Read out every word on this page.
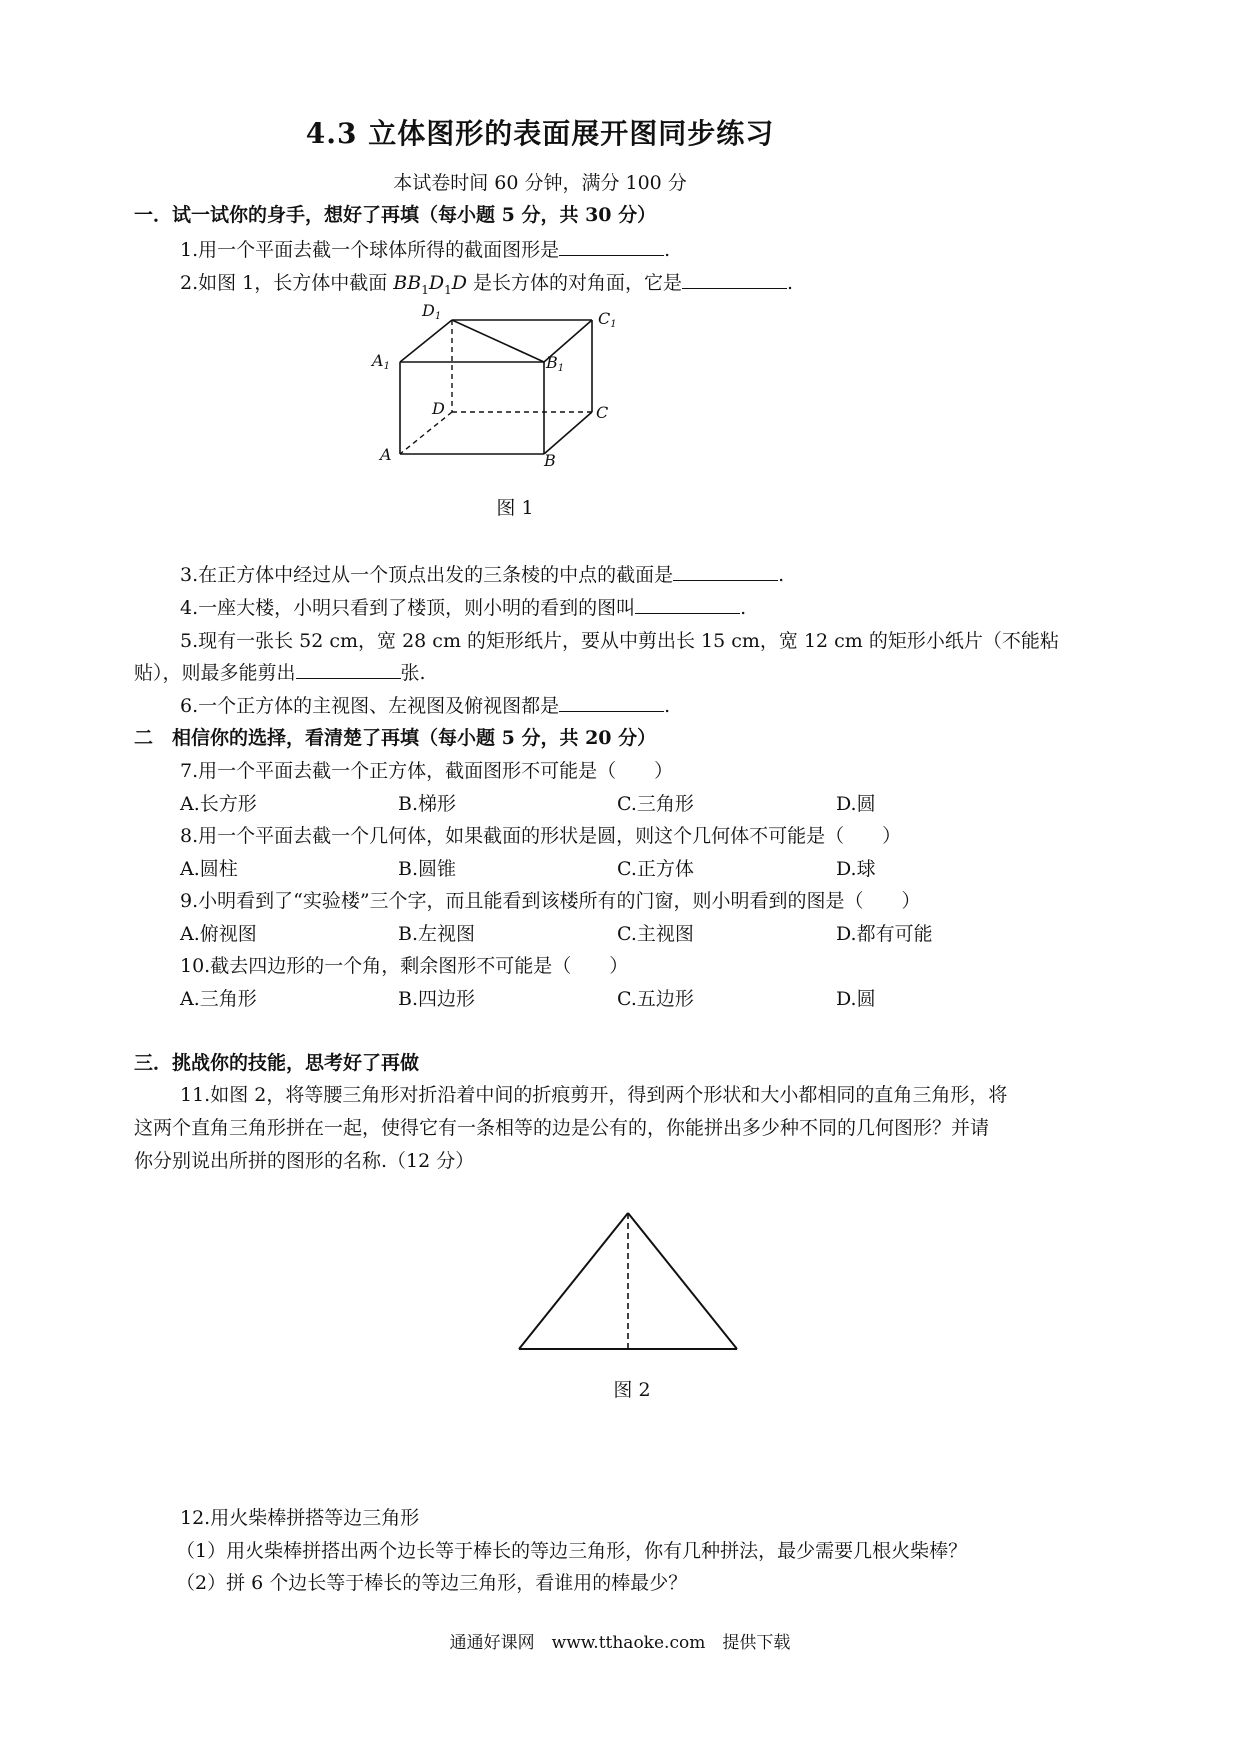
4.3 立体图形的表面展开图同步练习
本试卷时间 60 分钟，满分 100 分
一．试一试你的身手，想好了再填（每小题 5 分，共 30 分）
1.用一个平面去截一个球体所得的截面图形是	.
2.如图 1，长方体中截面 $BB_1D_1D$ 是长方体的对角面，它是	.
D1	C1
A1	B1
D	C
A	B
图 1
3.在正方体中经过从一个顶点出发的三条棱的中点的截面是	.
4.一座大楼，小明只看到了楼顶，则小明的看到的图叫	.
5.现有一张长 52 cm，宽 28 cm 的矩形纸片，要从中剪出长 15 cm，宽 12 cm 的矩形小纸片（不能粘
贴），则最多能剪出	张.
6.一个正方体的主视图、左视图及俯视图都是	.
二　相信你的选择，看清楚了再填（每小题 5 分，共 20 分）
7.用一个平面去截一个正方体，截面图形不可能是（　　）
A.长方形	B.梯形	C.三角形	D.圆
8.用一个平面去截一个几何体，如果截面的形状是圆，则这个几何体不可能是（　　）
A.圆柱	B.圆锥	C.正方体	D.球
9.小明看到了“实验楼”三个字，而且能看到该楼所有的门窗，则小明看到的图是（　　）
A.俯视图	B.左视图	C.主视图	D.都有可能
10.截去四边形的一个角，剩余图形不可能是（　　）
A.三角形	B.四边形	C.五边形	D.圆
三．挑战你的技能，思考好了再做
11.如图 2，将等腰三角形对折沿着中间的折痕剪开，得到两个形状和大小都相同的直角三角形，将
这两个直角三角形拼在一起，使得它有一条相等的边是公有的，你能拼出多少种不同的几何图形？并请
你分别说出所拼的图形的名称.（12 分）
图 2
12.用火柴棒拼搭等边三角形
（1）用火柴棒拼搭出两个边长等于棒长的等边三角形，你有几种拼法，最少需要几根火柴棒？
（2）拼 6 个边长等于棒长的等边三角形，看谁用的棒最少？
通通好课网　www.tthaoke.com　提供下载
